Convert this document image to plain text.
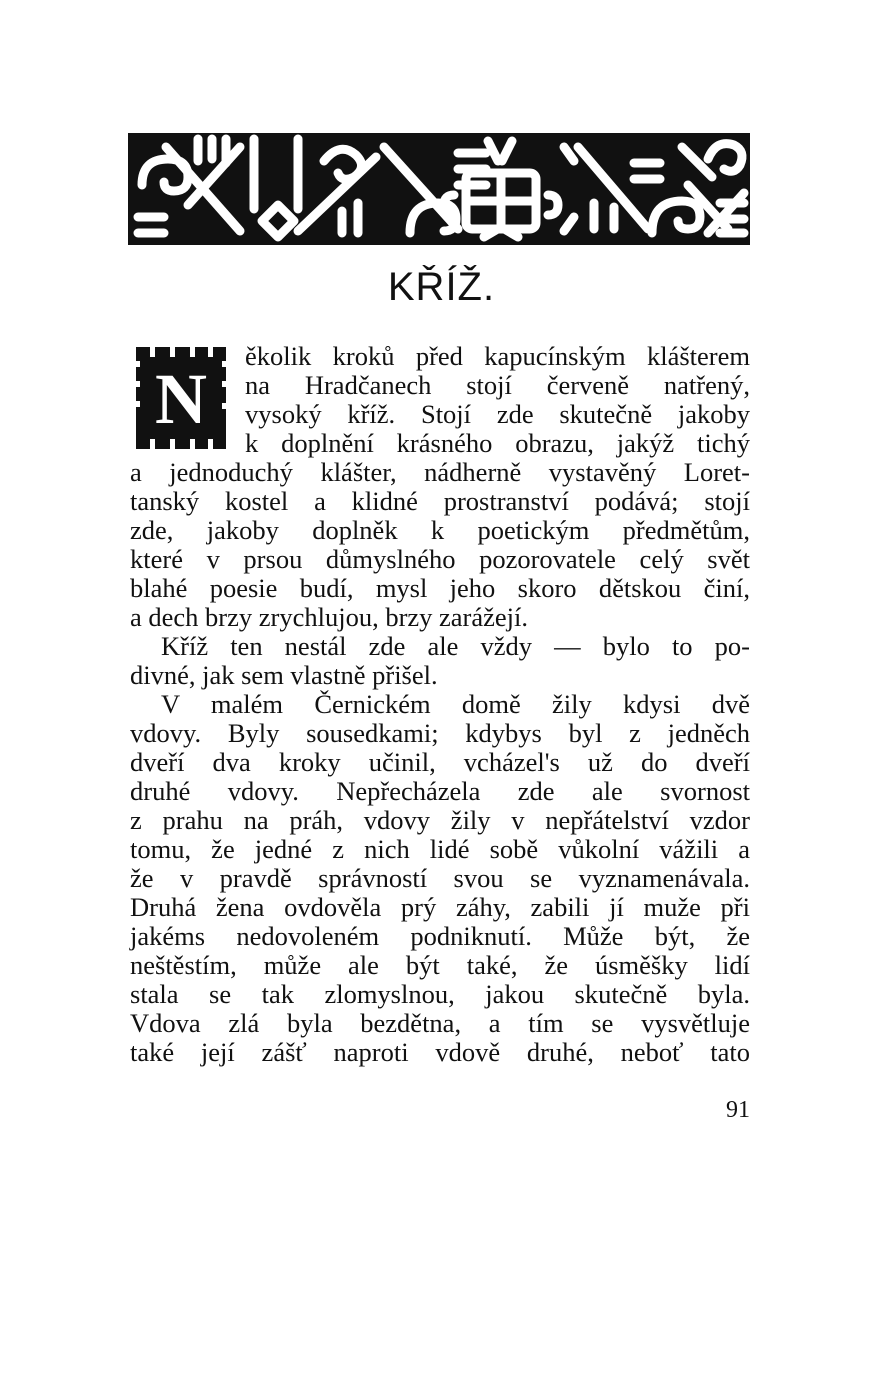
KŘÍŽ.
N
ěkolik kroků před kapucínským klášterem
na Hradčanech stojí červeně natřený,
vysoký kříž. Stojí zde skutečně jakoby
k doplnění krásného obrazu, jakýž tichý
a jednoduchý klášter, nádherně vystavěný Loret-
tanský kostel a klidné prostranství podává; stojí
zde, jakoby doplněk k poetickým předmětům,
které v prsou důmyslného pozorovatele celý svět
blahé poesie budí, mysl jeho skoro dětskou činí,
a dech brzy zrychlujou, brzy zarážejí.
Kříž ten nestál zde ale vždy — bylo to po-
divné, jak sem vlastně přišel.
V malém Černickém domě žily kdysi dvě
vdovy. Byly sousedkami; kdybys byl z jedněch
dveří dva kroky učinil, vcházel's už do dveří
druhé vdovy. Nepřecházela zde ale svornost
z prahu na práh, vdovy žily v nepřátelství vzdor
tomu, že jedné z nich lidé sobě vůkolní vážili a
že v pravdě správností svou se vyznamenávala.
Druhá žena ovdověla prý záhy, zabili jí muže při
jakéms nedovoleném podniknutí. Může být, že
neštěstím, může ale být také, že úsměšky lidí
stala se tak zlomyslnou, jakou skutečně byla.
Vdova zlá byla bezdětna, a tím se vysvětluje
také její zášť naproti vdově druhé, neboť tato
91
